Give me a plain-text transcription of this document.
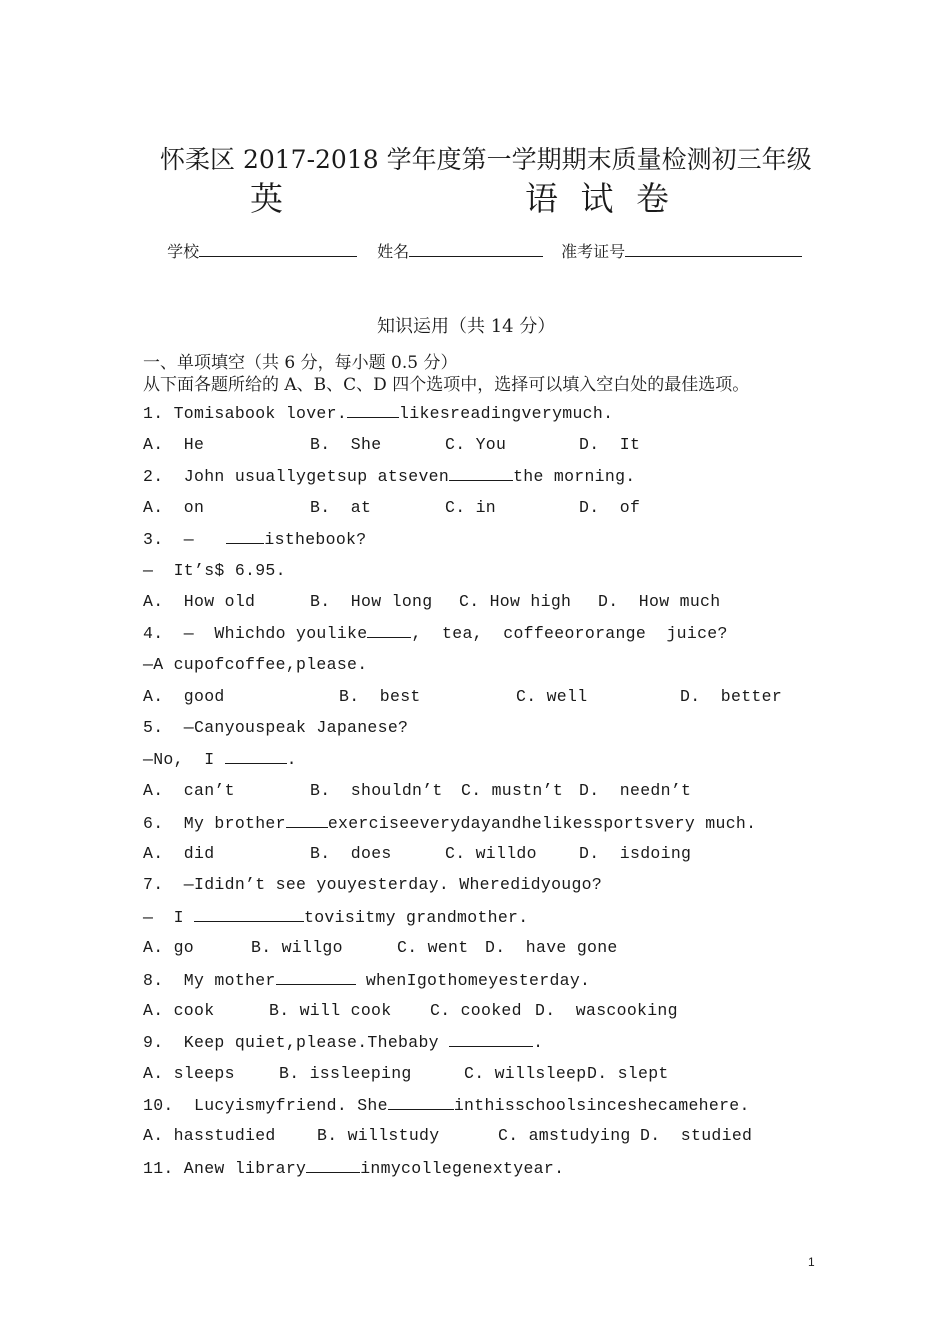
怀柔区 2017-2018 学年度第一学期期末质量检测初三年级
英	语 试 卷

学校	姓名	准考证号

知识运用（共 14 分）
一、单项填空（共 6 分，每小题 0.5 分）
从下面各题所给的 A、B、C、D 四个选项中，选择可以填入空白处的最佳选项。
1. Tomisabook lover.	likesreadingverymuch.
A.  He	B.  She	C. You	D.  It
2.  John usuallygetsup atseven	the morning.
A.  on	B.  at	C. in	D.  of
3.  —	isthebook?
—  It’s$ 6.95.
A.  How old	B.  How long C. How high D.  How much
4.  —  Whichdo youlike	,  tea,  coffeeororange  juice?
—A cupofcoffee,please.
A.  good	B.  best	C. well	D.  better
5.  —Canyouspeak Japanese?
—No,  I	.
A.  can’t	B.  shouldn’t C. mustn’t D.  needn’t
6.  My brother	exerciseeverydayandhelikessportsvery much.
A.  did	B.  does	C. willdo	D.  isdoing
7.  —Ididn’t see youyesterday. Wheredidyougo?
—  I	tovisitmy grandmother.
A. go	B. willgo	C. went D.  have gone
8.  My mother	whenIgothomeyesterday.
A. cook	B. will cook C. cooked D.  wascooking
9.  Keep quiet,please.Thebaby	.
A. sleeps	B. issleeping	C. willsleep D. slept
10.  Lucyismyfriend. She	inthisschoolsinceshecamehere.
A. hasstudied	B. willstudy	C. amstudying D.  studied
11. Anew library	inmycollegenextyear.
1
